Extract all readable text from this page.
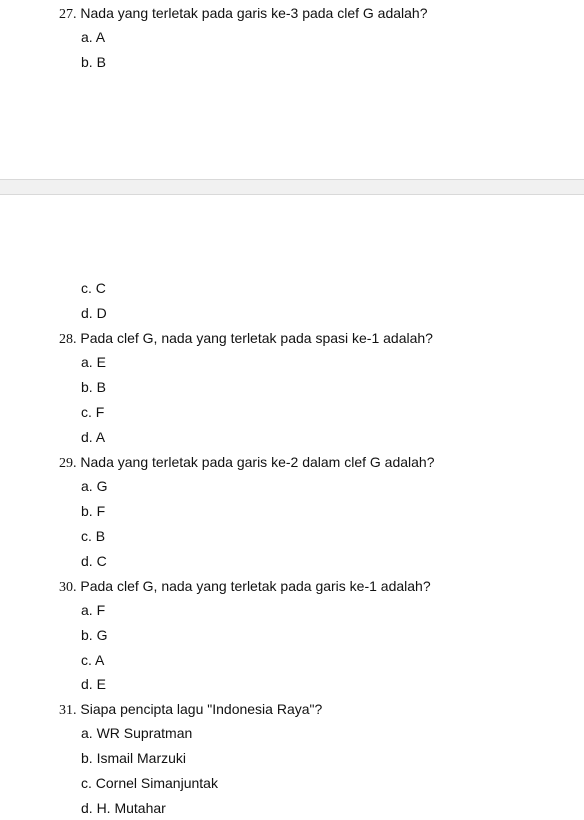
27. Nada yang terletak pada garis ke-3 pada clef G adalah?
a. A
b. B
c. C
d. D
28. Pada clef G, nada yang terletak pada spasi ke-1 adalah?
a. E
b. B
c. F
d. A
29. Nada yang terletak pada garis ke-2 dalam clef G adalah?
a. G
b. F
c. B
d. C
30. Pada clef G, nada yang terletak pada garis ke-1 adalah?
a. F
b. G
c. A
d. E
31. Siapa pencipta lagu "Indonesia Raya"?
a. WR Supratman
b. Ismail Marzuki
c. Cornel Simanjuntak
d. H. Mutahar
